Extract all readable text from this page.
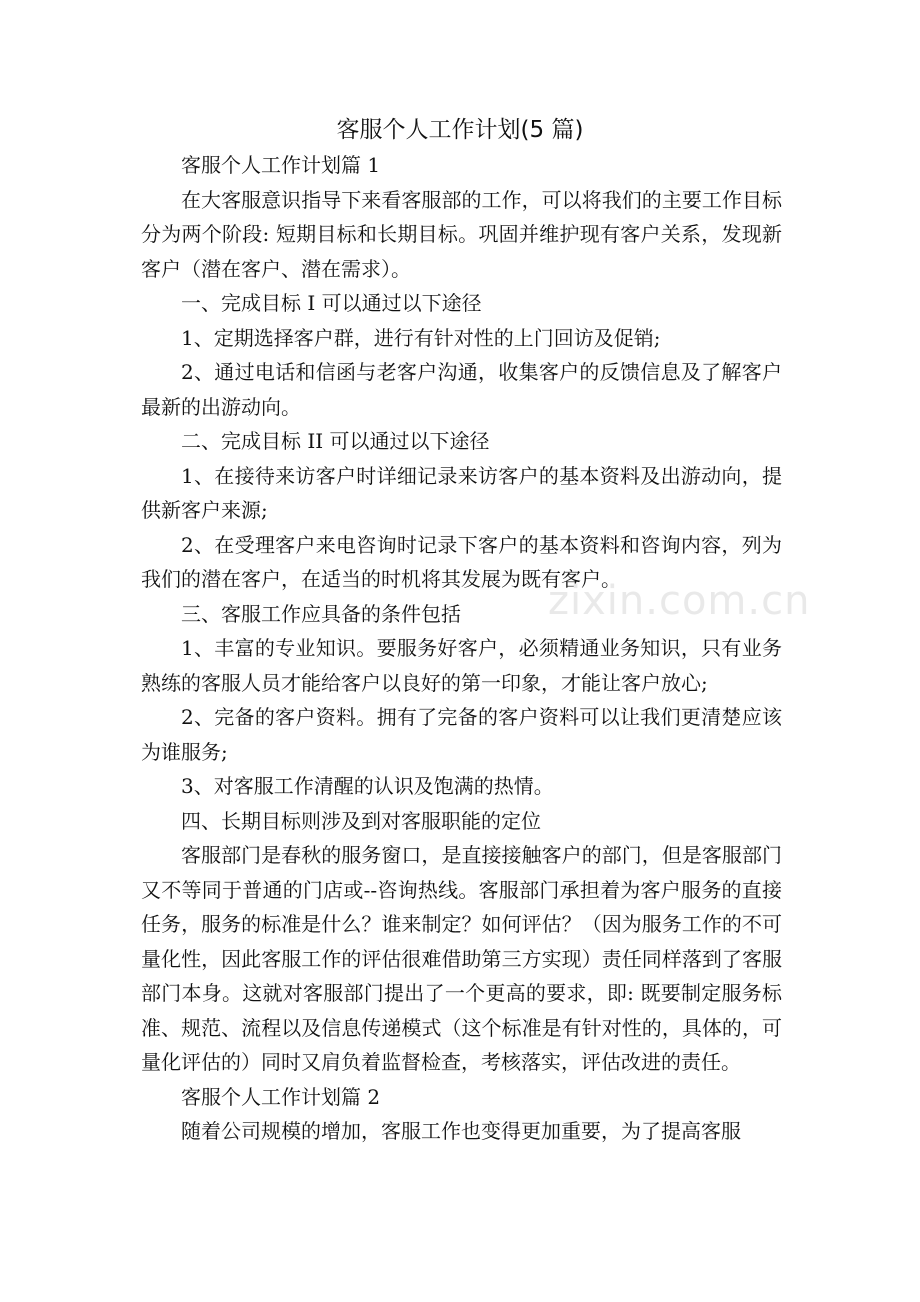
客服个人工作计划(5 篇)

客服个人工作计划篇 1

在大客服意识指导下来看客服部的工作，可以将我们的主要工作目标分为两个阶段: 短期目标和长期目标。巩固并维护现有客户关系，发现新客户（潜在客户、潜在需求）。

一、完成目标 I 可以通过以下途径

1、定期选择客户群，进行有针对性的上门回访及促销;

2、通过电话和信函与老客户沟通，收集客户的反馈信息及了解客户最新的出游动向。

二、完成目标 II 可以通过以下途径

1、在接待来访客户时详细记录来访客户的基本资料及出游动向，提供新客户来源;

2、在受理客户来电咨询时记录下客户的基本资料和咨询内容，列为我们的潜在客户，在适当的时机将其发展为既有客户。

三、客服工作应具备的条件包括

1、丰富的专业知识。要服务好客户，必须精通业务知识，只有业务熟练的客服人员才能给客户以良好的第一印象，才能让客户放心;

2、完备的客户资料。拥有了完备的客户资料可以让我们更清楚应该为谁服务;

3、对客服工作清醒的认识及饱满的热情。

四、长期目标则涉及到对客服职能的定位

客服部门是春秋的服务窗口，是直接接触客户的部门，但是客服部门又不等同于普通的门店或--咨询热线。客服部门承担着为客户服务的直接任务，服务的标准是什么？谁来制定？如何评估？（因为服务工作的不可量化性，因此客服工作的评估很难借助第三方实现）责任同样落到了客服部门本身。这就对客服部门提出了一个更高的要求，即: 既要制定服务标准、规范、流程以及信息传递模式（这个标准是有针对性的，具体的，可量化评估的）同时又肩负着监督检查，考核落实，评估改进的责任。

客服个人工作计划篇 2

随着公司规模的增加，客服工作也变得更加重要，为了提高客服

zixin.com.cn
